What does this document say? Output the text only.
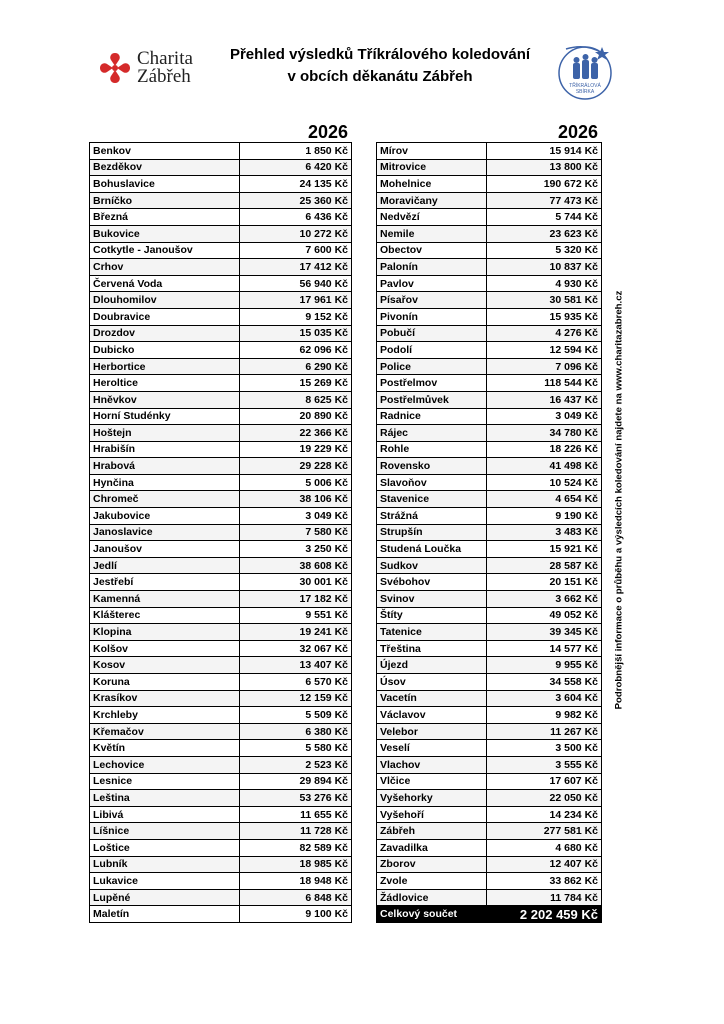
Charita
Zábřeh
Přehled výsledků Tříkrálového koledování
v obcích děkanátu Zábřeh
TŘÍKRÁLOVÁ
SBÍRKA
2026	2026
Benkov	1 850 Kč
Bezděkov	6 420 Kč
Bohuslavice	24 135 Kč
Brníčko	25 360 Kč
Březná	6 436 Kč
Bukovice	10 272 Kč
Cotkytle - Janoušov	7 600 Kč
Crhov	17 412 Kč
Červená Voda	56 940 Kč
Dlouhomilov	17 961 Kč
Doubravice	9 152 Kč
Drozdov	15 035 Kč
Dubicko	62 096 Kč
Herbortice	6 290 Kč
Heroltice	15 269 Kč
Hněvkov	8 625 Kč
Horní Studénky	20 890 Kč
Hoštejn	22 366 Kč
Hrabišín	19 229 Kč
Hrabová	29 228 Kč
Hynčina	5 006 Kč
Chromeč	38 106 Kč
Jakubovice	3 049 Kč
Janoslavice	7 580 Kč
Janoušov	3 250 Kč
Jedlí	38 608 Kč
Jestřebí	30 001 Kč
Kamenná	17 182 Kč
Klášterec	9 551 Kč
Klopina	19 241 Kč
Kolšov	32 067 Kč
Kosov	13 407 Kč
Koruna	6 570 Kč
Krasíkov	12 159 Kč
Krchleby	5 509 Kč
Křemačov	6 380 Kč
Květín	5 580 Kč
Lechovice	2 523 Kč
Lesnice	29 894 Kč
Leština	53 276 Kč
Libivá	11 655 Kč
Líšnice	11 728 Kč
Loštice	82 589 Kč
Lubník	18 985 Kč
Lukavice	18 948 Kč
Lupěné	6 848 Kč
Maletín	9 100 Kč
Mírov	15 914 Kč
Mitrovice	13 800 Kč
Mohelnice	190 672 Kč
Moravičany	77 473 Kč
Nedvězí	5 744 Kč
Nemile	23 623 Kč
Obectov	5 320 Kč
Palonín	10 837 Kč
Pavlov	4 930 Kč
Písařov	30 581 Kč
Pivonín	15 935 Kč
Pobučí	4 276 Kč
Podolí	12 594 Kč
Police	7 096 Kč
Postřelmov	118 544 Kč
Postřelmůvek	16 437 Kč
Radnice	3 049 Kč
Rájec	34 780 Kč
Rohle	18 226 Kč
Rovensko	41 498 Kč
Slavoňov	10 524 Kč
Stavenice	4 654 Kč
Strážná	9 190 Kč
Strupšín	3 483 Kč
Studená Loučka	15 921 Kč
Sudkov	28 587 Kč
Svébohov	20 151 Kč
Svinov	3 662 Kč
Štíty	49 052 Kč
Tatenice	39 345 Kč
Třeština	14 577 Kč
Újezd	9 955 Kč
Úsov	34 558 Kč
Vacetín	3 604 Kč
Václavov	9 982 Kč
Velebor	11 267 Kč
Veselí	3 500 Kč
Vlachov	3 555 Kč
Vlčice	17 607 Kč
Vyšehorky	22 050 Kč
Vyšehoří	14 234 Kč
Zábřeh	277 581 Kč
Zavadilka	4 680 Kč
Zborov	12 407 Kč
Zvole	33 862 Kč
Žádlovice	11 784 Kč
Celkový součet	2 202 459 Kč
Podrobnější informace o průběhu a výsledcích koledování najdete na www.charitazabreh.cz
